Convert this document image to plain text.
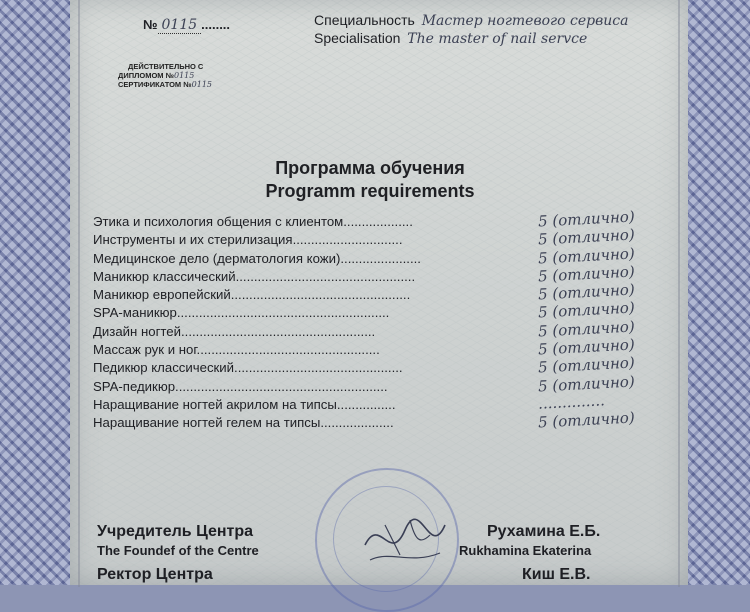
№ 0115 ........	Специальность Мастер ногтевого сервиса
Specialisation The master of nail servce
ДЕЙСТВИТЕЛЬНО С
ДИПЛОМОМ №0115
СЕРТИФИКАТОМ №0115
Программа обучения
Programm requirements
Этика и психология общения с клиентом...................	5 (отлично)
Инструменты и их стерилизация..............................	5 (отлично)
Медицинское дело (дерматология кожи)......................	5 (отлично)
Маникюр классический.................................................	5 (отлично)
Маникюр европейский.................................................	5 (отлично)
SPA-маникюр..........................................................	5 (отлично)
Дизайн ногтей.....................................................	5 (отлично)
Массаж рук и ног..................................................	5 (отлично)
Педикюр классический..............................................	5 (отлично)
SPA-педикюр..........................................................	5 (отлично)
Наращивание ногтей акрилом на типсы................	..............
Наращивание ногтей гелем на типсы....................	5 (отлично)
Учредитель Центра
The Foundef of the Centre
Ректор Центра
Рухамина Е.Б.
Rukhamina Ekaterina
Киш Е.В.
